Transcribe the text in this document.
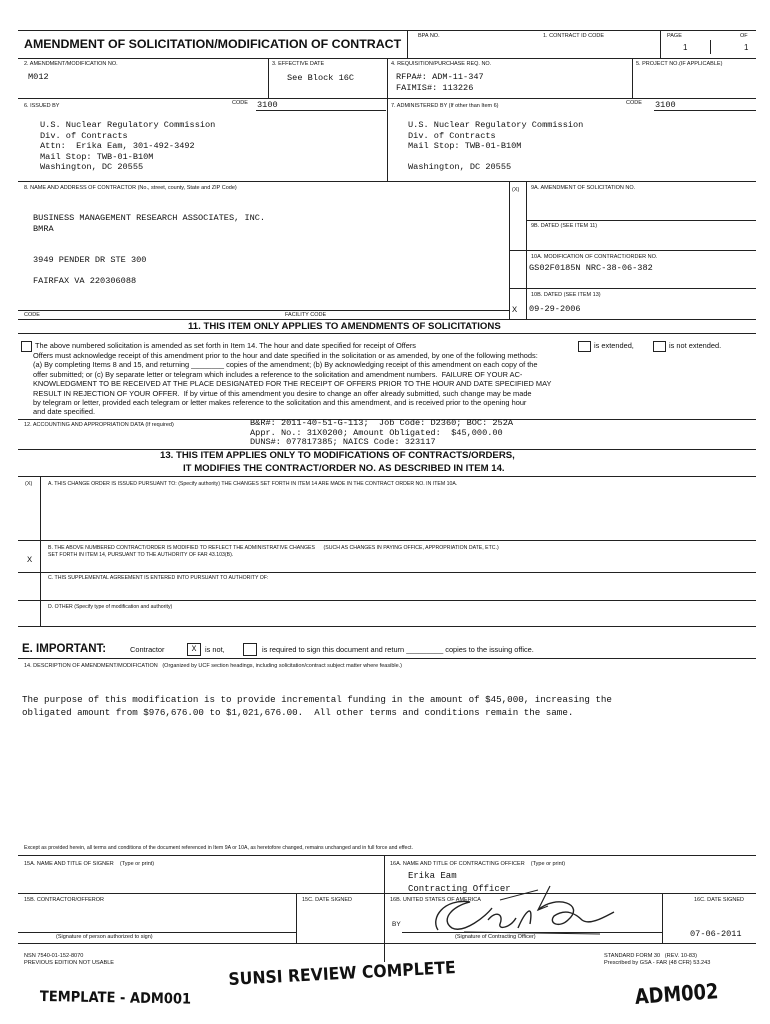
AMENDMENT OF SOLICITATION/MODIFICATION OF CONTRACT
BPA NO.	1. CONTRACT ID CODE	PAGE
1
OF
1
2. AMENDMENT/MODIFICATION NO.
M012
3. EFFECTIVE DATE
See Block 16C
4. REQUISITION/PURCHASE REQ. NO.
RFPA#: ADM-11-347
FAIMIS#: 113226
5. PROJECT NO.(IF APPLICABLE)
6. ISSUED BY	CODE 3100
U.S. Nuclear Regulatory Commission
Div. of Contracts
Attn:  Erika Eam, 301-492-3492
Mail Stop: TWB-01-B10M
Washington, DC 20555
7. ADMINISTERED BY (If other than Item 6)	CODE 3100
U.S. Nuclear Regulatory Commission
Div. of Contracts
Mail Stop: TWB-01-B10M

Washington, DC 20555
8. NAME AND ADDRESS OF CONTRACTOR (No., street, county, State and ZIP Code)
BUSINESS MANAGEMENT RESEARCH ASSOCIATES, INC.
BMRA

3949 PENDER DR STE 300

FAIRFAX VA 220306088
(X) 9A. AMENDMENT OF SOLICITATION NO.
9B. DATED (SEE ITEM 11)
10A. MODIFICATION OF CONTRACT/ORDER NO.
GS02F0185N NRC-38-06-382
10B. DATED (SEE ITEM 13)
09-29-2006
X
CODE	FACILITY CODE
11. THIS ITEM ONLY APPLIES TO AMENDMENTS OF SOLICITATIONS
The above numbered solicitation is amended as set forth in Item 14. The hour and date specified for receipt of Offers	is extended,	is not extended.
Offers must acknowledge receipt of this amendment prior to the hour and date specified in the solicitation or as amended, by one of the following methods:
(a) By completing Items 8 and 15, and returning ________ copies of the amendment; (b) By acknowledging receipt of this amendment on each copy of the
offer submitted; or (c) By separate letter or telegram which includes a reference to the solicitation and amendment numbers.  FAILURE OF YOUR AC-
KNOWLEDGMENT TO BE RECEIVED AT THE PLACE DESIGNATED FOR THE RECEIPT OF OFFERS PRIOR TO THE HOUR AND DATE SPECIFIED MAY
RESULT IN REJECTION OF YOUR OFFER.  If by virtue of this amendment you desire to change an offer already submitted, such change may be made
by telegram or letter, provided each telegram or letter makes reference to the solicitation and this amendment, and is received prior to the opening hour
and date specified.
12. ACCOUNTING AND APPROPRIATION DATA (If required)	B&R#: 2011-40-51-G-113;  Job Code: D2360; BOC: 252A
Appr. No.: 31X0200; Amount Obligated:  $45,000.00
DUNS#: 077817385; NAICS Code: 323117
13. THIS ITEM APPLIES ONLY TO MODIFICATIONS OF CONTRACTS/ORDERS,
IT MODIFIES THE CONTRACT/ORDER NO. AS DESCRIBED IN ITEM 14.
(X)	A. THIS CHANGE ORDER IS ISSUED PURSUANT TO: (Specify authority) THE CHANGES SET FORTH IN ITEM 14 ARE MADE IN THE CONTRACT ORDER NO. IN ITEM 10A.
B. THE ABOVE NUMBERED CONTRACT/ORDER IS MODIFIED TO REFLECT THE ADMINISTRATIVE CHANGES      (SUCH AS CHANGES IN PAYING OFFICE, APPROPRIATION DATE, ETC.)
SET FORTH IN ITEM 14, PURSUANT TO THE AUTHORITY OF FAR 43.103(B).
X
C. THIS SUPPLEMENTAL AGREEMENT IS ENTERED INTO PURSUANT TO AUTHORITY OF:
D. OTHER (Specify type of modification and authority)
E. IMPORTANT:	Contractor	X	is not,	is required to sign this document and return _________ copies to the issuing office.
14. DESCRIPTION OF AMENDMENT/MODIFICATION (Organized by UCF section headings, including solicitation/contract subject matter where feasible.)
The purpose of this modification is to provide incremental funding in the amount of $45,000, increasing the
obligated amount from $976,676.00 to $1,021,676.00.  All other terms and conditions remain the same.
Except as provided herein, all terms and conditions of the document referenced in Item 9A or 10A, as heretofore changed, remains unchanged and in full force and effect.
15A. NAME AND TITLE OF SIGNER (Type or print)	16A. NAME AND TITLE OF CONTRACTING OFFICER (Type or print)
Erika Eam
Contracting Officer
15B. CONTRACTOR/OFFEROR
(Signature of person authorized to sign)
15C. DATE SIGNED	16B. UNITED STATES OF AMERICA
BY
(Signature of Contracting Officer)
16C. DATE SIGNED
07-06-2011
NSN 7540-01-152-8070
PREVIOUS EDITION NOT USABLE
STANDARD FORM 30   (REV. 10-83)
Prescribed by GSA - FAR (48 CFR) 53.243
SUNSI REVIEW COMPLETE
TEMPLATE - ADM001	ADM002
